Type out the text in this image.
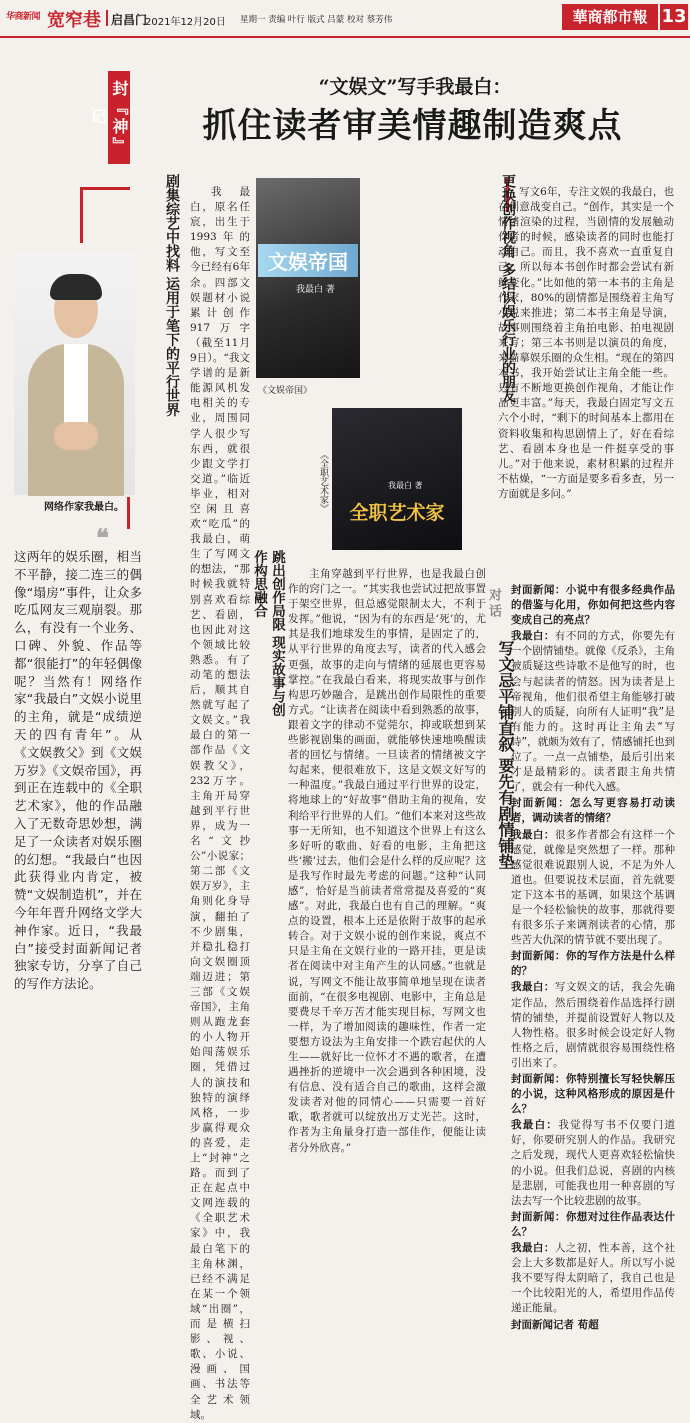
华商新闻 宽窄巷 启昌门
2021年12月20日 星期一 责编 叶行 版式 吕蒙 校对 蔡芳伟	華商都市報 13
封『神』记
“文娱文”写手我最白：
抓住读者审美情趣制造爽点
剧集综艺中找料 运用于笔下的平行世界
网络作家我最白。
❝
这两年的娱乐圈，相当不平静，接二连三的偶像“塌房”事件，让众多吃瓜网友三观崩裂。那么，有没有一个业务、口碑、外貌、作品等都“很能打”的年轻偶像呢？当然有！网络作家“我最白”文娱小说里的主角，就是“成绩逆天的四有青年”。从《文娱教父》到《文娱万岁》《文娱帝国》，再到正在连载中的《全职艺术家》，他的作品融入了无数奇思妙想，满足了一众读者对娱乐圈的幻想。“我最白”也因此获得业内肯定，被赞“文娱制造机”，并在今年年晋升网络文学大神作家。近日，“我最白”接受封面新闻记者独家专访，分享了自己的写作方法论。

我最白，原名任宸，出生于1993年的他，写文至今已经有6年余。四部文娱题材小说累计创作917万字（截至11月9日）。“我文学谱的是新能源风机发电相关的专业，周围同学人很少写东西，就很少跟文学打交道。”临近毕业，相对空闲且喜欢“吃瓜”的我最白，萌生了写网文的想法，“那时候我就特别喜欢看综艺、看剧，也因此对这个领域比较熟悉。有了动笔的想法后，顺其自然就写起了文娱文。”我最白的第一部作品《文娱教父》，232万字。主角开局穿越到平行世界，成为一名“文抄公”小说家；第二部《文娱万岁》，主角则化身导演，翻拍了不少剧集，并稳扎稳打向文娱圈顶端迈进；第三部《文娱帝国》，主角则从跑龙套的小人物开始闯荡娱乐圈，凭借过人的演技和独特的演绎风格，一步步赢得观众的喜爱，走上“封神”之路。而到了正在起点中文网连载的《全职艺术家》中，我最白笔下的主角林渊，已经不满足在某一个领域“出圈”，而是横扫影、视、歌、小说、漫画、国画、书法等全艺术领域。

文娱帝国
我最白 著
《文娱帝国》
我最白 著
全职艺术家
《全职艺术家》
跳出创作局限 现实故事与创作构思融合	主角穿越到平行世界，也是我最白创作的窍门之一。“其实我也尝试过把故事置于架空世界，但总感觉限制太大，不利于发挥。”他说，“因为有的东西是‘死’的，尤其是我们地球发生的事情，是固定了的，从平行世界的角度去写，读者的代入感会更强，故事的走向与情绪的延展也更容易掌控。”在我最白看来，将现实故事与创作构思巧妙融合，是跳出创作局限性的重要方式。“让读者在阅读中看到熟悉的故事，跟着文字的律动不觉莞尔，抑或联想到某些影视剧集的画面，就能够快速地唤醒读者的回忆与情绪。一旦读者的情绪被文字勾起来，便很难放下，这是文娱文好写的一种温度。”我最白通过平行世界的设定，将地球上的“好故事”借助主角的视角，安利给平行世界的人们。“他们本来对这些故事一无所知，也不知道这个世界上有这么多好听的歌曲、好看的电影，主角把这些‘搬’过去，他们会是什么样的反应呢？这是我写作时最先考虑的问题。”这种“认同感”，恰好是当前读者常常提及喜爱的“爽感”。对此，我最白也有自己的理解。“爽点的设置，根本上还是依附于故事的起承转合。对于文娱小说的创作来说，爽点不只是主角在文娱行业的一路开挂，更是读者在阅读中对主角产生的认同感。”也就是说，写网文不能让故事简单地呈现在读者面前，“在很多电视剧、电影中，主角总是要费尽千辛万苦才能实现目标，写网文也一样，为了增加阅读的趣味性，作者一定要想方设法为主角安排一个跌宕起伏的人生——就好比一位怀才不遇的歌者，在遭遇挫折的逆境中一次会遇到各种困境，没有信息、没有适合自己的歌曲，这样会激发读者对他的同情心——只需要一首好歌，歌者就可以绽放出万丈光芒。这时，作者为主角量身打造一部佳作，便能让读者分外欣喜。”

更换创作视角 多结识娱乐行业的朋友 写文6年，专注文娱的我最白，也在创意战变自己。“创作，其实是一个情绪渲染的过程，当剧情的发展触动作者的时候，感染读者的同时也能打动自己。而且，我不喜欢一直重复自己，所以每本书创作时都会尝试有新鲜变化。”比如他的第一本书的主角是作家，80%的剧情都是围绕着主角写小说来推进；第二本书主角是导演，故事则围绕着主角拍电影、拍电视剧来写；第三本书则是以演员的角度，来描摹娱乐圈的众生相。“现在的第四本书，我开始尝试让主角全能一些。只有不断地更换创作视角，才能让作品更丰富。”每天，我最白固定写文五六个小时，“剩下的时间基本上都用在资料收集和构思剧情上了，好在看综艺、看剧本身也是一件挺享受的事儿。”对于他来说，素材积累的过程并不枯燥，“一方面是要多看多查，另一方面就是多问。”

对话
写文忌平铺直叙 要先有剧情铺垫

封面新闻：小说中有很多经典作品的借鉴与化用，你如何把这些内容变成自己的亮点？

我最白：有不同的方式，你要先有一个剧情铺垫。就像《反杀》，主角被质疑这些诗歌不是他写的时，也会与起读者的情怒。因为读者是上帝视角，他们很希望主角能够打破别人的质疑，向所有人证明“我”是有能力的。这时再让主角去“写诗”，就颇为效有了，情感铺托也到位了。一点一点铺垫，最后引出来才是最精彩的。读者跟主角共情了，就会有一种代入感。

封面新闻：怎么写更容易打动读者，调动读者的情绪？

我最白：很多作者都会有这样一个感觉，就像是突然想了一样。那种感觉很难说跟别人说，不足为外人道也。但要说技术层面，首先就要定下这本书的基调，如果这个基调是一个轻松愉快的故事，那就得要有很多乐子来调剂读者的心情，那些苦大仇深的情节就不要出现了。

封面新闻：你的写作方法是什么样的？

我最白：写文娱文的话，我会先确定作品，然后围绕着作品选择行剧情的铺垫，并提前设置好人物以及人物性格。很多时候会设定好人物性格之后，剧情就很容易围绕性格引出来了。

封面新闻：你特别擅长写轻快解压的小说，这种风格形成的原因是什么？

我最白：我觉得写书不仅要门道好，你要研究别人的作品。我研究之后发现，现代人更喜欢轻松愉快的小说。但我们总说，喜剧的内核是悲剧，可能我也用一种喜剧的写法去写一个比较悲剧的故事。

封面新闻：你想对过往作品表达什么？

我最白：人之初，性本善，这个社会上大多数都是好人。所以写小说我不要写得太阴暗了，我自己也是一个比较阳光的人，希望用作品传递正能量。

封面新闻记者 荀超
